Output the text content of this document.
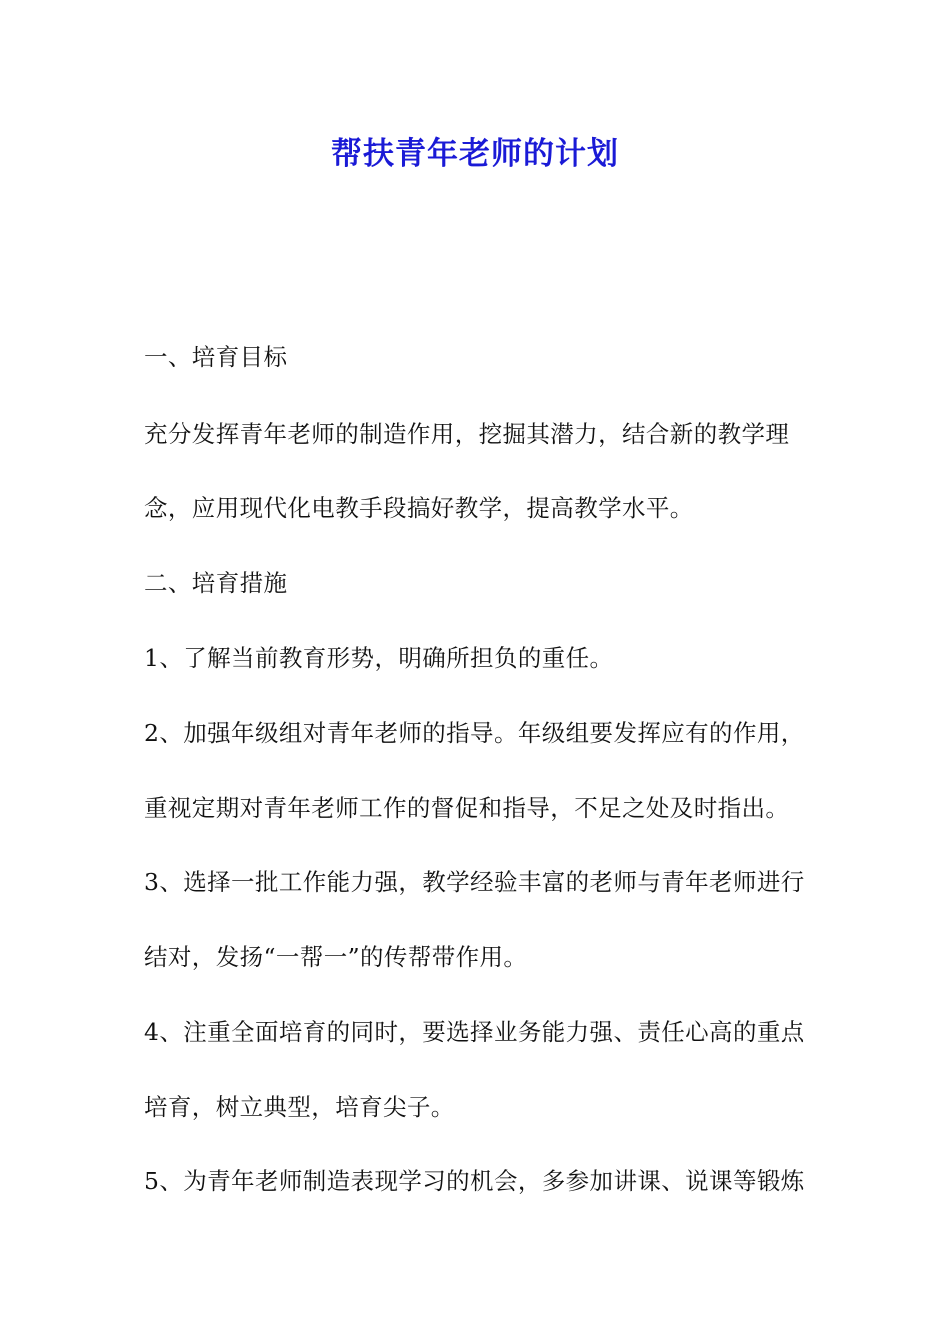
帮扶青年老师的计划
一、培育目标
充分发挥青年老师的制造作用，挖掘其潜力，结合新的教学理
念，应用现代化电教手段搞好教学，提高教学水平。
二、培育措施
1、了解当前教育形势，明确所担负的重任。
2、加强年级组对青年老师的指导。年级组要发挥应有的作用，
重视定期对青年老师工作的督促和指导，不足之处及时指出。
3、选择一批工作能力强，教学经验丰富的老师与青年老师进行
结对，发扬“一帮一”的传帮带作用。
4、注重全面培育的同时，要选择业务能力强、责任心高的重点
培育，树立典型，培育尖子。
5、为青年老师制造表现学习的机会，多参加讲课、说课等锻炼
